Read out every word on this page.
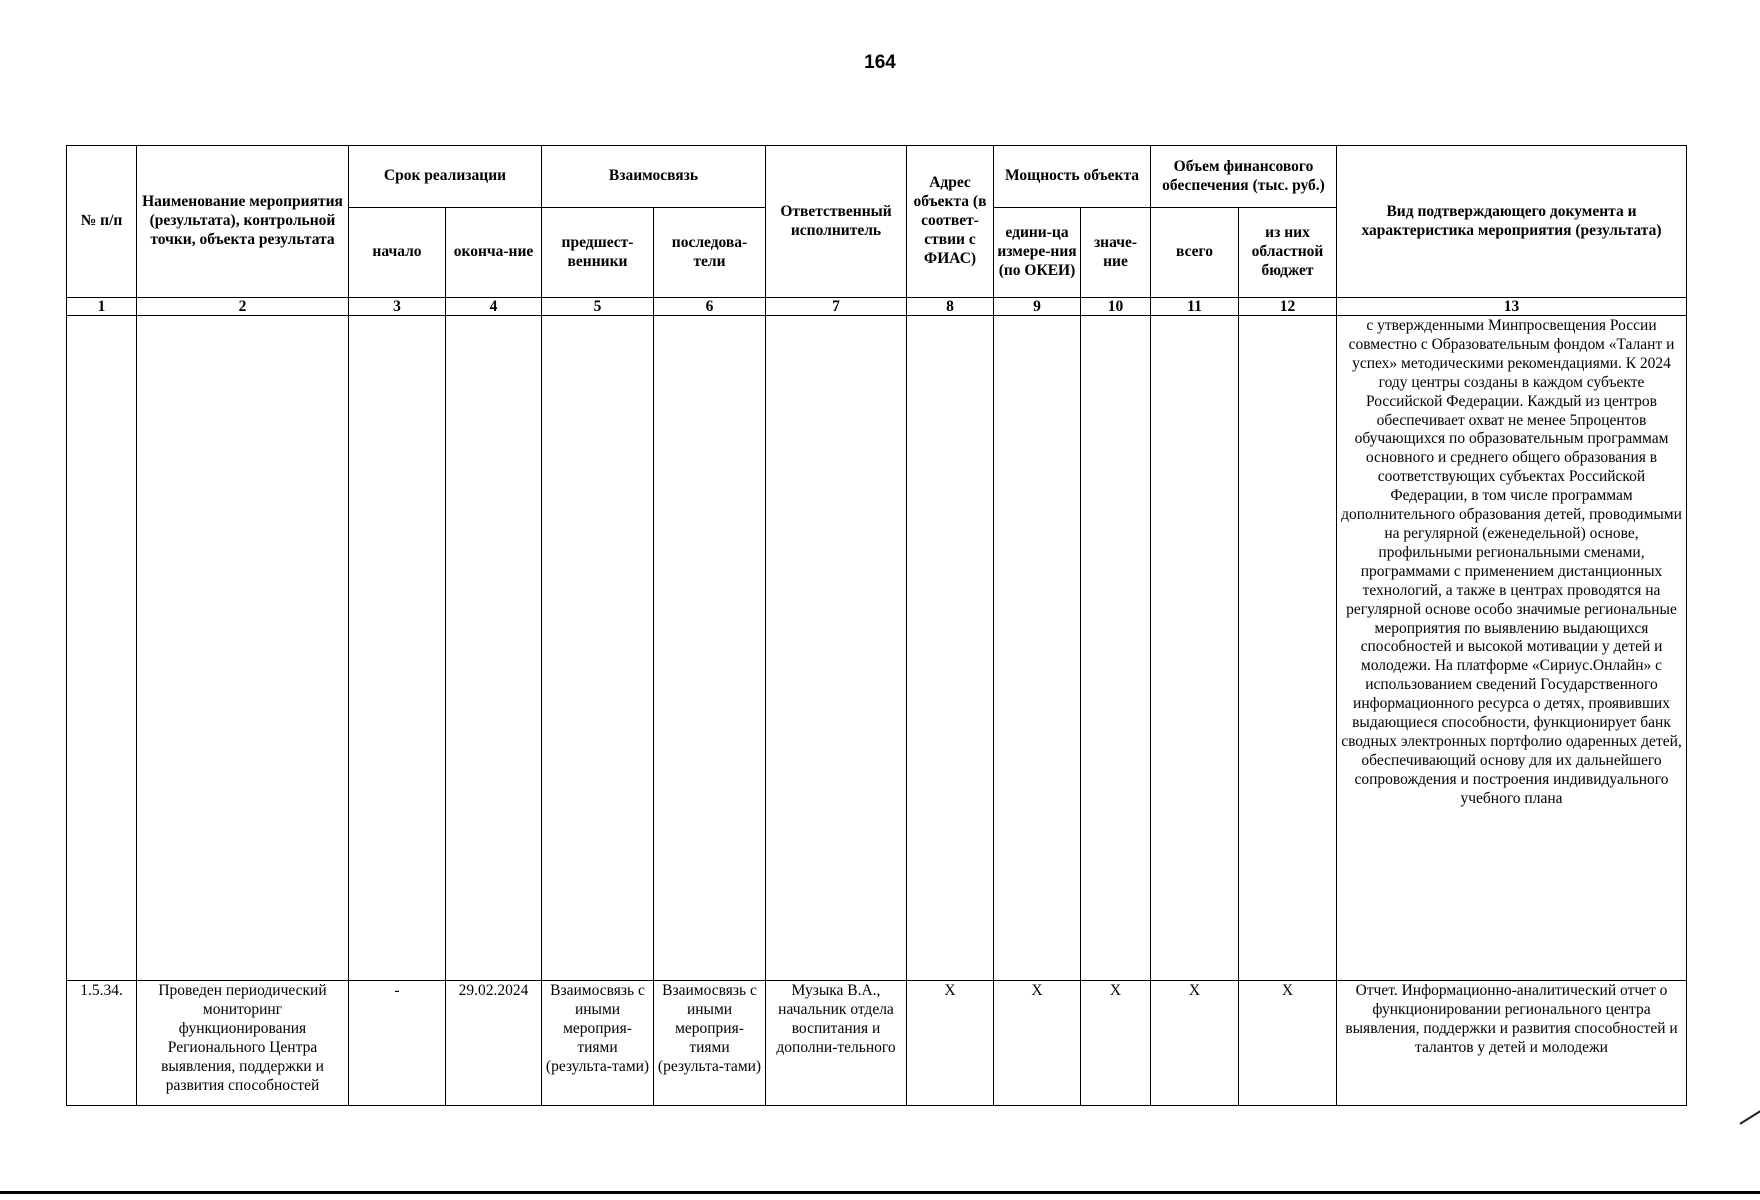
164
№ п/п	Наименование мероприятия (результата), контрольной точки, объекта результата	Срок реализации		Взаимосвязь		Ответственный исполнитель	Адрес объекта (в соответ-ствии с ФИАС)	Мощность объекта		Объем финансового обеспечения (тыс. руб.)		Вид подтверждающего документа и характеристика мероприятия (результата)
		начало	оконча-ние	предшест-венники	последова-тели			едини-ца измере-ния (по ОКЕИ)	значе-ние	всего	из них областной бюджет	
1	2	3	4	5	6	7	8	9	10	11	12	13
												с утвержденными Минпросвещения России совместно с Образовательным фондом «Талант и успех» методическими рекомендациями. К 2024 году центры созданы в каждом субъекте Российской Федерации. Каждый из центров обеспечивает охват не менее 5процентов обучающихся по образовательным программам основного и среднего общего образования в соответствующих субъектах Российской Федерации, в том числе программам дополнительного образования детей, проводимыми на регулярной (еженедельной) основе, профильными региональными сменами, программами с применением дистанционных технологий, а также в центрах проводятся на регулярной основе особо значимые региональные мероприятия по выявлению выдающихся способностей и высокой мотивации у детей и молодежи. На платформе «Сириус.Онлайн» с использованием сведений Государственного информационного ресурса о детях, проявивших выдающиеся способности, функционирует банк сводных электронных портфолио одаренных детей, обеспечивающий основу для их дальнейшего сопровождения и построения индивидуального учебного плана
1.5.34.	Проведен периодический мониторинг функционирования Регионального Центра выявления, поддержки и развития способностей	-	29.02.2024	Взаимосвязь с иными мероприя-тиями (результа-тами)	Взаимосвязь с иными мероприя-тиями (результа-тами)	Музыка В.А., начальник отдела воспитания и дополни-тельного	Х	Х	Х	Х	Х	Отчет. Информационно-аналитический отчет о функционировании регионального центра выявления, поддержки и развития способностей и талантов у детей и молодежи
